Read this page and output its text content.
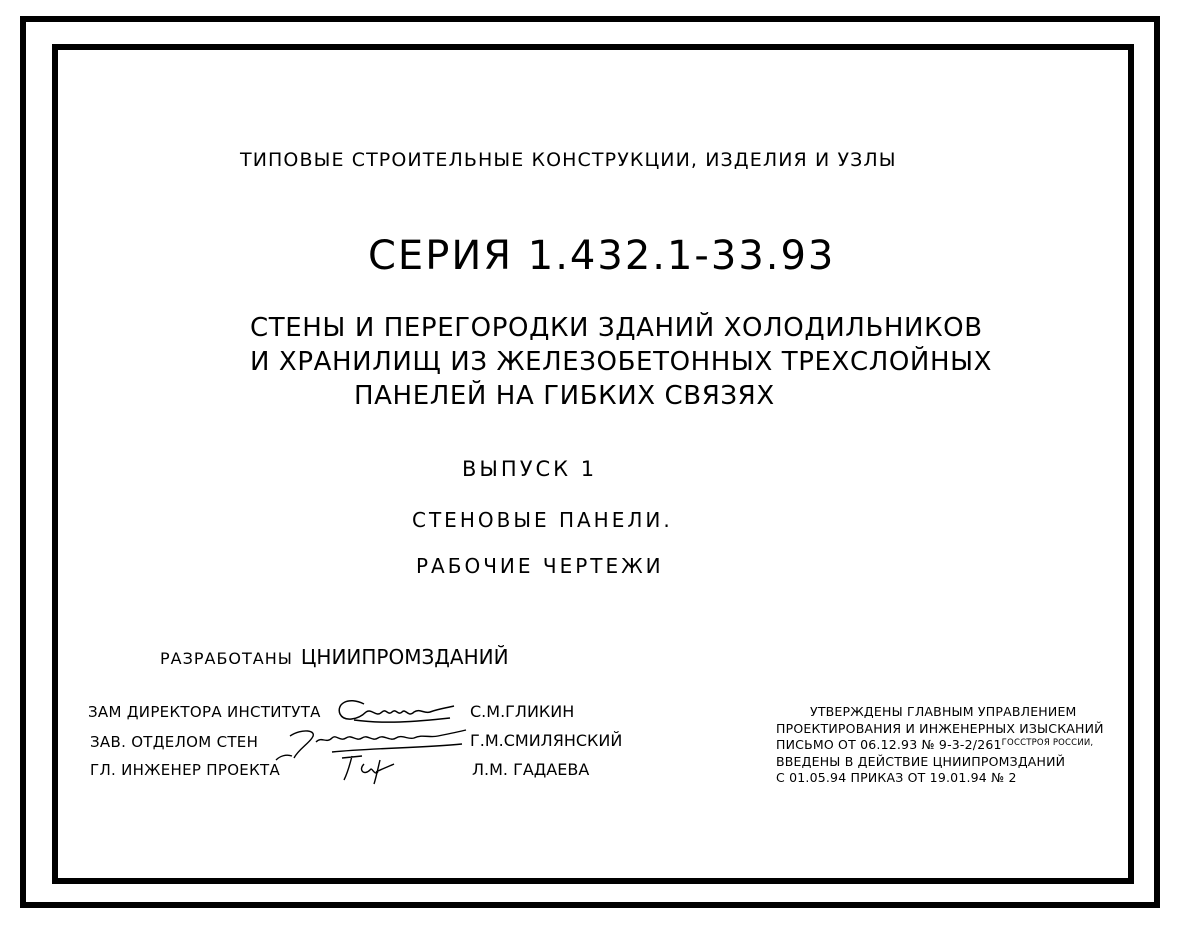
ТИПОВЫЕ СТРОИТЕЛЬНЫЕ КОНСТРУКЦИИ, ИЗДЕЛИЯ И УЗЛЫ
СЕРИЯ 1.432.1-33.93
СТЕНЫ И ПЕРЕГОРОДКИ ЗДАНИЙ ХОЛОДИЛЬНИКОВ
И ХРАНИЛИЩ ИЗ ЖЕЛЕЗОБЕТОННЫХ ТРЕХСЛОЙНЫХ
ПАНЕЛЕЙ НА ГИБКИХ СВЯЗЯХ
ВЫПУСК 1
СТЕНОВЫЕ ПАНЕЛИ.
РАБОЧИЕ ЧЕРТЕЖИ
РАЗРАБОТАНЫ ЦНИИПРОМЗДАНИЙ
ЗАМ ДИРЕКТОРА ИНСТИТУТА
ЗАВ. ОТДЕЛОМ СТЕН
ГЛ. ИНЖЕНЕР ПРОЕКТА
С.М.ГЛИКИН
Г.М.СМИЛЯНСКИЙ
Л.М. ГАДАЕВА
УТВЕРЖДЕНЫ ГЛАВНЫМ УПРАВЛЕНИЕМ
ПРОЕКТИРОВАНИЯ И ИНЖЕНЕРНЫХ ИЗЫСКАНИЙ
ПИСЬМО ОТ 06.12.93 № $9-3-2/261^{ГОССТРОЯ РОССИИ,}$
ВВЕДЕНЫ В ДЕЙСТВИЕ ЦНИИПРОМЗДАНИЙ
С 01.05.94 ПРИКАЗ ОТ 19.01.94 № 2
